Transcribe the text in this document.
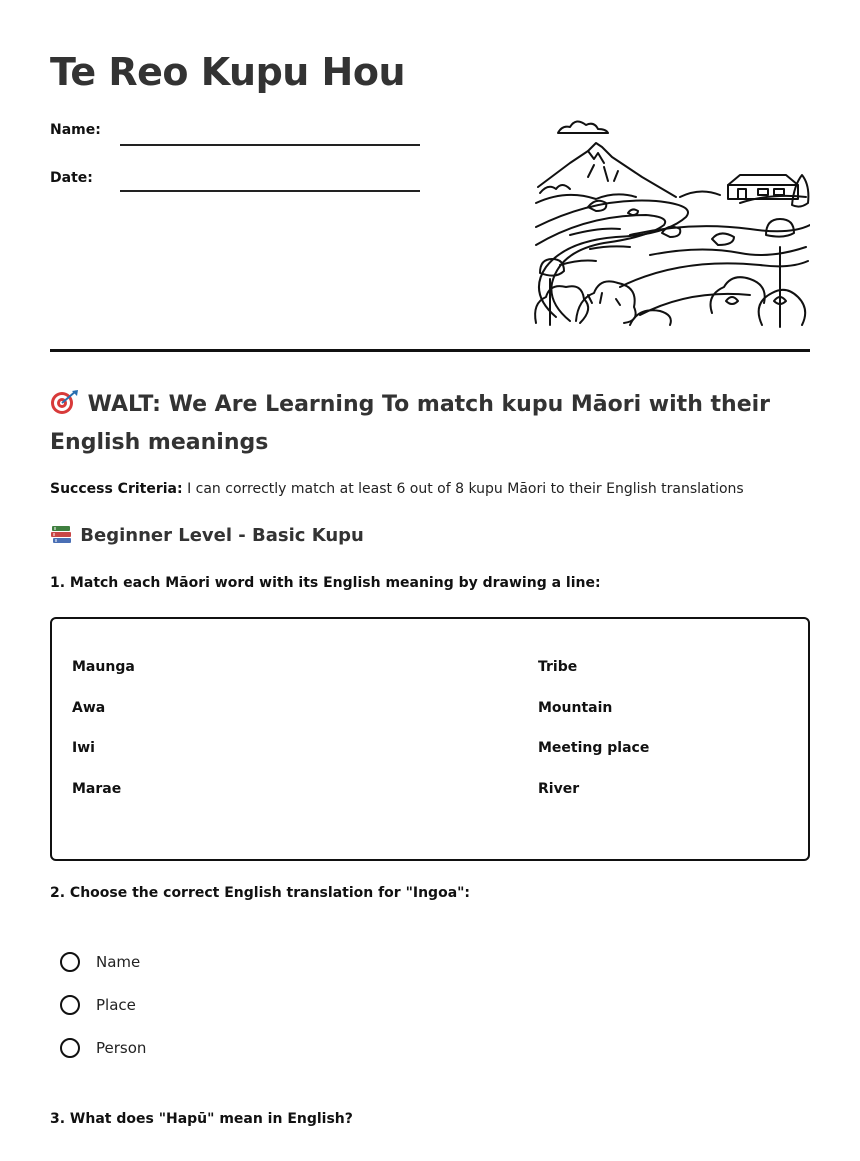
Te Reo Kupu Hou
Name:
Date:
WALT: We Are Learning To match kupu Māori with their English meanings
Success Criteria: I can correctly match at least 6 out of 8 kupu Māori to their English translations
Beginner Level - Basic Kupu
1. Match each Māori word with its English meaning by drawing a line:
Maunga
Awa
Iwi
Marae
Tribe
Mountain
Meeting place
River
2. Choose the correct English translation for "Ingoa":
Name
Place
Person
3. What does "Hapū" mean in English?
